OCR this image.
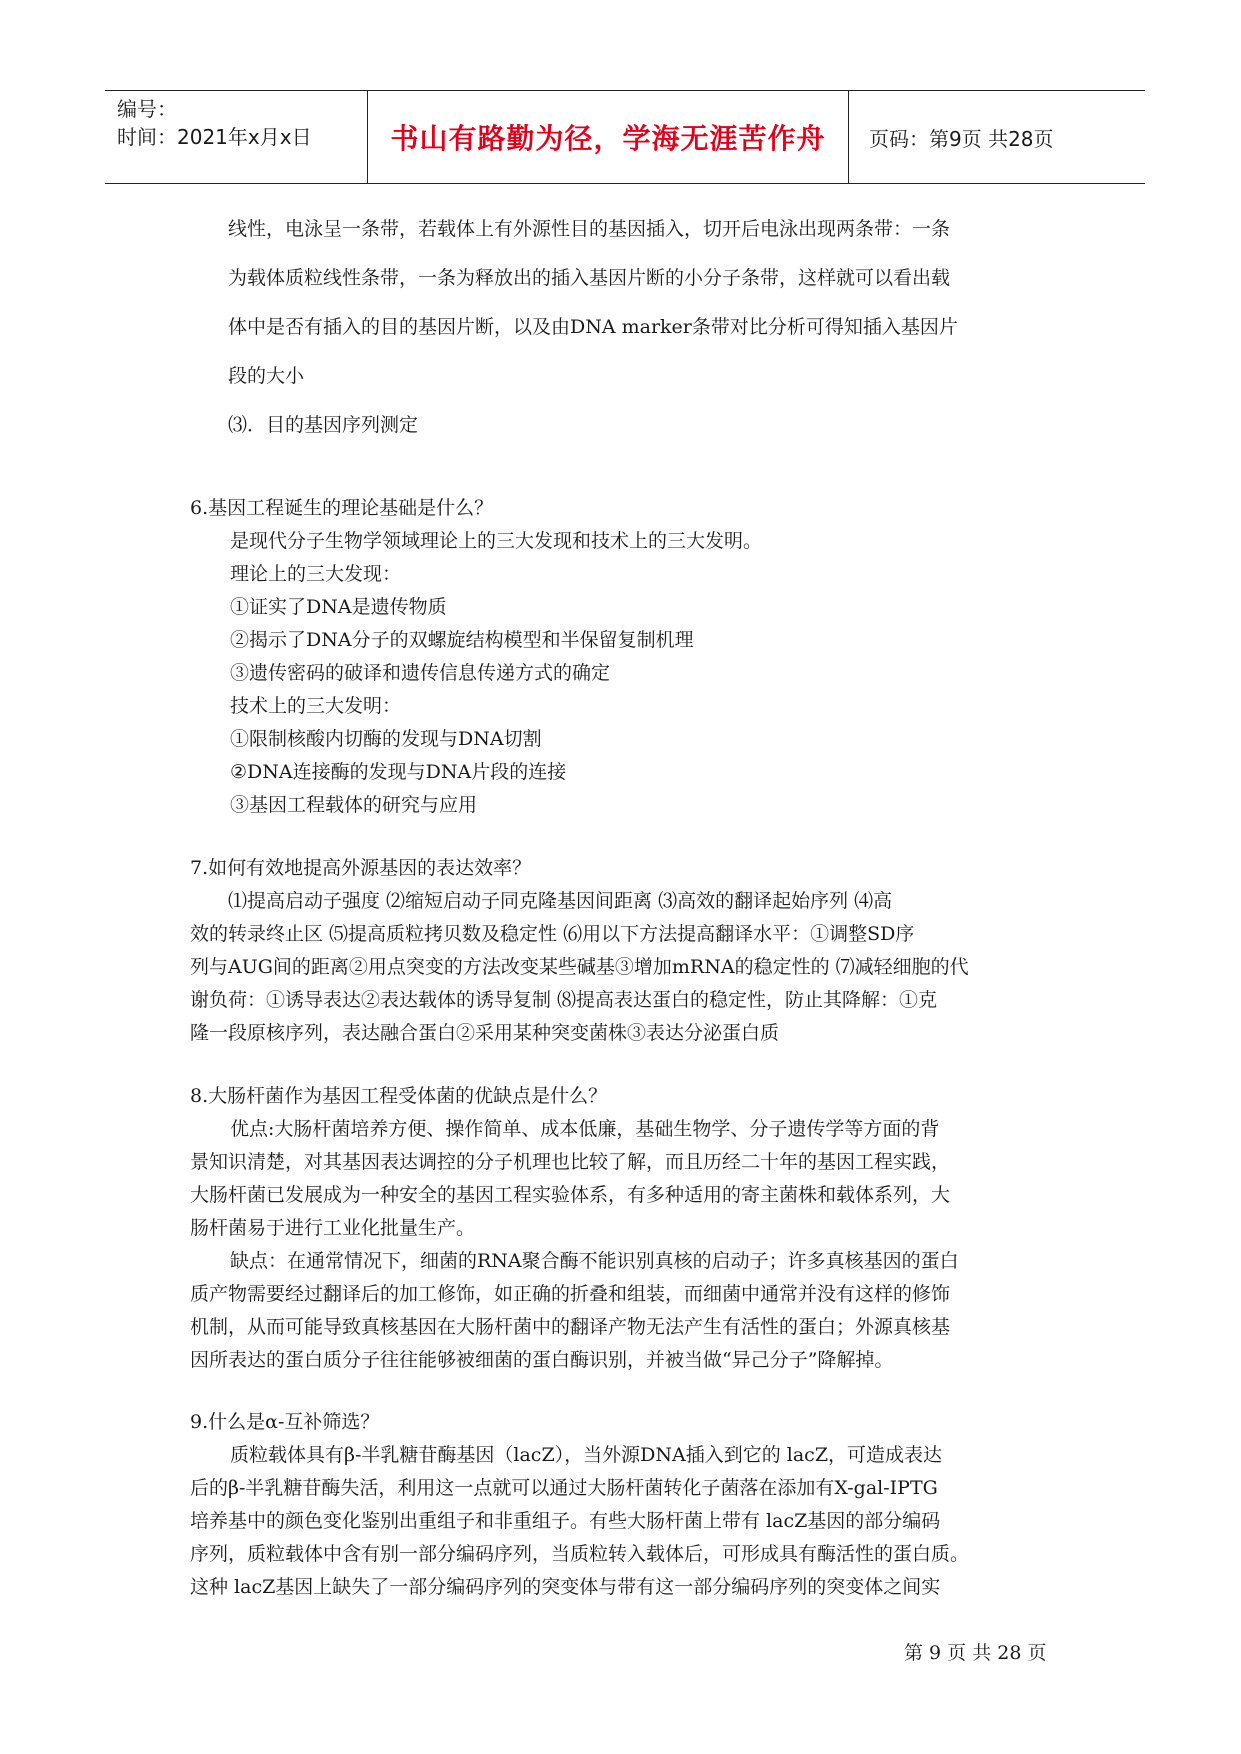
编号：
时间：2021年x月x日	书山有路勤为径，学海无涯苦作舟 页码：第9页 共28页

线性，电泳呈一条带，若载体上有外源性目的基因插入，切开后电泳出现两条带：一条

为载体质粒线性条带，一条为释放出的插入基因片断的小分子条带，这样就可以看出载

体中是否有插入的目的基因片断，以及由DNA marker条带对比分析可得知插入基因片

段的大小

⑶．目的基因序列测定

6.基因工程诞生的理论基础是什么？

是现代分子生物学领域理论上的三大发现和技术上的三大发明。

理论上的三大发现：

①证实了DNA是遗传物质

②揭示了DNA分子的双螺旋结构模型和半保留复制机理

③遗传密码的破译和遗传信息传递方式的确定

技术上的三大发明：

①限制核酸内切酶的发现与DNA切割

②DNA连接酶的发现与DNA片段的连接

③基因工程载体的研究与应用

7.如何有效地提高外源基因的表达效率？

⑴提高启动子强度 ⑵缩短启动子同克隆基因间距离 ⑶高效的翻译起始序列 ⑷高

效的转录终止区 ⑸提高质粒拷贝数及稳定性 ⑹用以下方法提高翻译水平：①调整SD序

列与AUG间的距离②用点突变的方法改变某些碱基③增加mRNA的稳定性的 ⑺减轻细胞的代

谢负荷：①诱导表达②表达载体的诱导复制 ⑻提高表达蛋白的稳定性，防止其降解：①克

隆一段原核序列，表达融合蛋白②采用某种突变菌株③表达分泌蛋白质

8.大肠杆菌作为基因工程受体菌的优缺点是什么？

优点:大肠杆菌培养方便、操作简单、成本低廉，基础生物学、分子遗传学等方面的背

景知识清楚，对其基因表达调控的分子机理也比较了解，而且历经二十年的基因工程实践，

大肠杆菌已发展成为一种安全的基因工程实验体系，有多种适用的寄主菌株和载体系列，大

肠杆菌易于进行工业化批量生产。

缺点：在通常情况下，细菌的RNA聚合酶不能识别真核的启动子；许多真核基因的蛋白

质产物需要经过翻译后的加工修饰，如正确的折叠和组装，而细菌中通常并没有这样的修饰

机制，从而可能导致真核基因在大肠杆菌中的翻译产物无法产生有活性的蛋白；外源真核基

因所表达的蛋白质分子往往能够被细菌的蛋白酶识别，并被当做“异己分子”降解掉。

9.什么是α-互补筛选？

质粒载体具有β-半乳糖苷酶基因（lacZ），当外源DNA插入到它的 lacZ，可造成表达

后的β-半乳糖苷酶失活，利用这一点就可以通过大肠杆菌转化子菌落在添加有X-gal-IPTG

培养基中的颜色变化鉴别出重组子和非重组子。有些大肠杆菌上带有 lacZ基因的部分编码

序列，质粒载体中含有别一部分编码序列，当质粒转入载体后，可形成具有酶活性的蛋白质。

这种 lacZ基因上缺失了一部分编码序列的突变体与带有这一部分编码序列的突变体之间实

第 9 页 共 28 页
